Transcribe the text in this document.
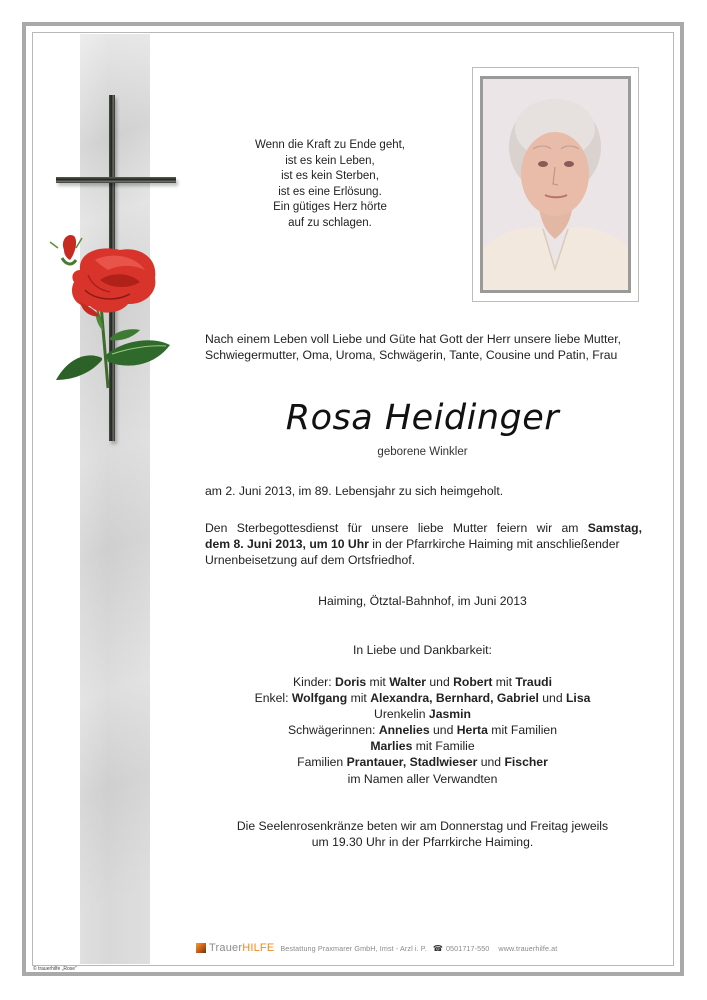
Wenn die Kraft zu Ende geht,
ist es kein Leben,
ist es kein Sterben,
ist es eine Erlösung.
Ein gütiges Herz hörte
auf zu schlagen.
Nach einem Leben voll Liebe und Güte hat Gott der Herr unsere liebe Mutter,
Schwiegermutter, Oma, Uroma, Schwägerin, Tante, Cousine und Patin, Frau
Rosa Heidinger
geborene Winkler
am 2. Juni 2013, im 89. Lebensjahr zu sich heimgeholt.
Den Sterbegottesdienst für unsere liebe Mutter feiern wir am Samstag,
dem 8. Juni 2013, um 10 Uhr in der Pfarrkirche Haiming mit anschließender
Urnenbeisetzung auf dem Ortsfriedhof.
Haiming, Ötztal-Bahnhof, im Juni 2013
In Liebe und Dankbarkeit:
Kinder: Doris mit Walter und Robert mit Traudi
Enkel: Wolfgang mit Alexandra, Bernhard, Gabriel und Lisa
Urenkelin Jasmin
Schwägerinnen: Annelies und Herta mit Familien
Marlies mit Familie
Familien Prantauer, Stadlwieser und Fischer
im Namen aller Verwandten
Die Seelenrosenkränze beten wir am Donnerstag und Freitag jeweils
um 19.30 Uhr in der Pfarrkirche Haiming.
TrauerHILFE Bestattung Praxmarer GmbH, Imst - Arzl i. P. ☎ 0501717-550 www.trauerhilfe.at
© trauerhilfe „Rose"
